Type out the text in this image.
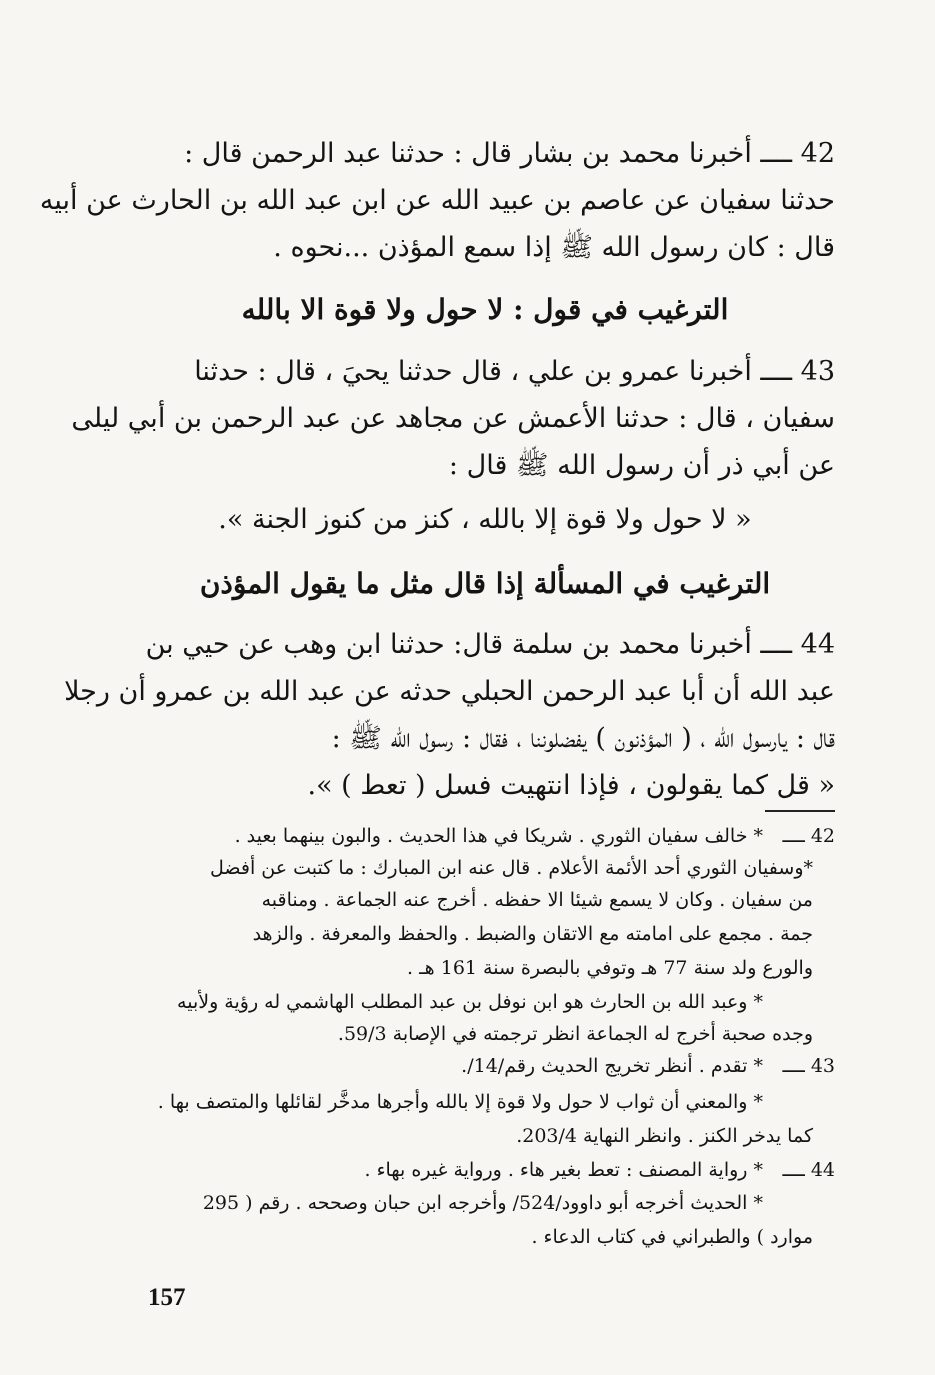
42 ــــ أخبرنا محمد بن بشار قال : حدثنا عبد الرحمن قال :
حدثنا سفيان عن عاصم بن عبيد الله عن ابن عبد الله بن الحارث عن أبيه
قال : كان رسول الله ﷺ إذا سمع المؤذن ...نحوه .
الترغيب في قول : لا حول ولا قوة الا بالله
43 ــــ أخبرنا عمرو بن علي ، قال حدثنا يحيَ ، قال : حدثنا
سفيان ، قال : حدثنا الأعمش عن مجاهد عن عبد الرحمن بن أبي ليلى
عن أبي ذر أن رسول الله ﷺ قال :
« لا حول ولا قوة إلا بالله ، كنز من كنوز الجنة ».
الترغيب في المسألة إذا قال مثل ما يقول المؤذن
44 ــــ أخبرنا محمد بن سلمة قال: حدثنا ابن وهب عن حيي بن
عبد الله أن أبا عبد الرحمن الحبلي حدثه عن عبد الله بن عمرو أن رجلا
قال : يارسول الله ، ( المؤذنون ) يفضلوننا ، فقال : رسول الله ﷺ :
« قل كما يقولون ، فإذا انتهيت فسل ( تعط ) ».
42 ــــ
* خالف سفيان الثوري . شريكا في هذا الحديث . والبون بينهما بعيد .
*وسفيان الثوري أحد الأئمة الأعلام . قال عنه ابن المبارك : ما كتبت عن أفضل
من سفيان . وكان لا يسمع شيئا الا حفظه . أخرج عنه الجماعة . ومناقبه
جمة . مجمع على امامته مع الاتقان والضبط . والحفظ والمعرفة . والزهد
والورع ولد سنة 77 هـ وتوفي بالبصرة سنة 161 هـ .
* وعبد الله بن الحارث هو ابن نوفل بن عبد المطلب الهاشمي له رؤية ولأبيه
وجده صحبة أخرج له الجماعة انظر ترجمته في الإصابة 59/3.
43 ــــ
* تقدم . أنظر تخريج الحديث رقم/14/.
* والمعني أن ثواب لا حول ولا قوة إلا بالله وأجرها مدخَّر لقائلها والمتصف بها .
كما يدخر الكنز . وانظر النهاية 203/4.
44 ــــ
* رواية المصنف : تعط بغير هاء . ورواية غيره بهاء .
* الحديث أخرجه أبو داوود/524/ وأخرجه ابن حبان وصححه . رقم ( 295
موارد ) والطبراني في كتاب الدعاء .
157
